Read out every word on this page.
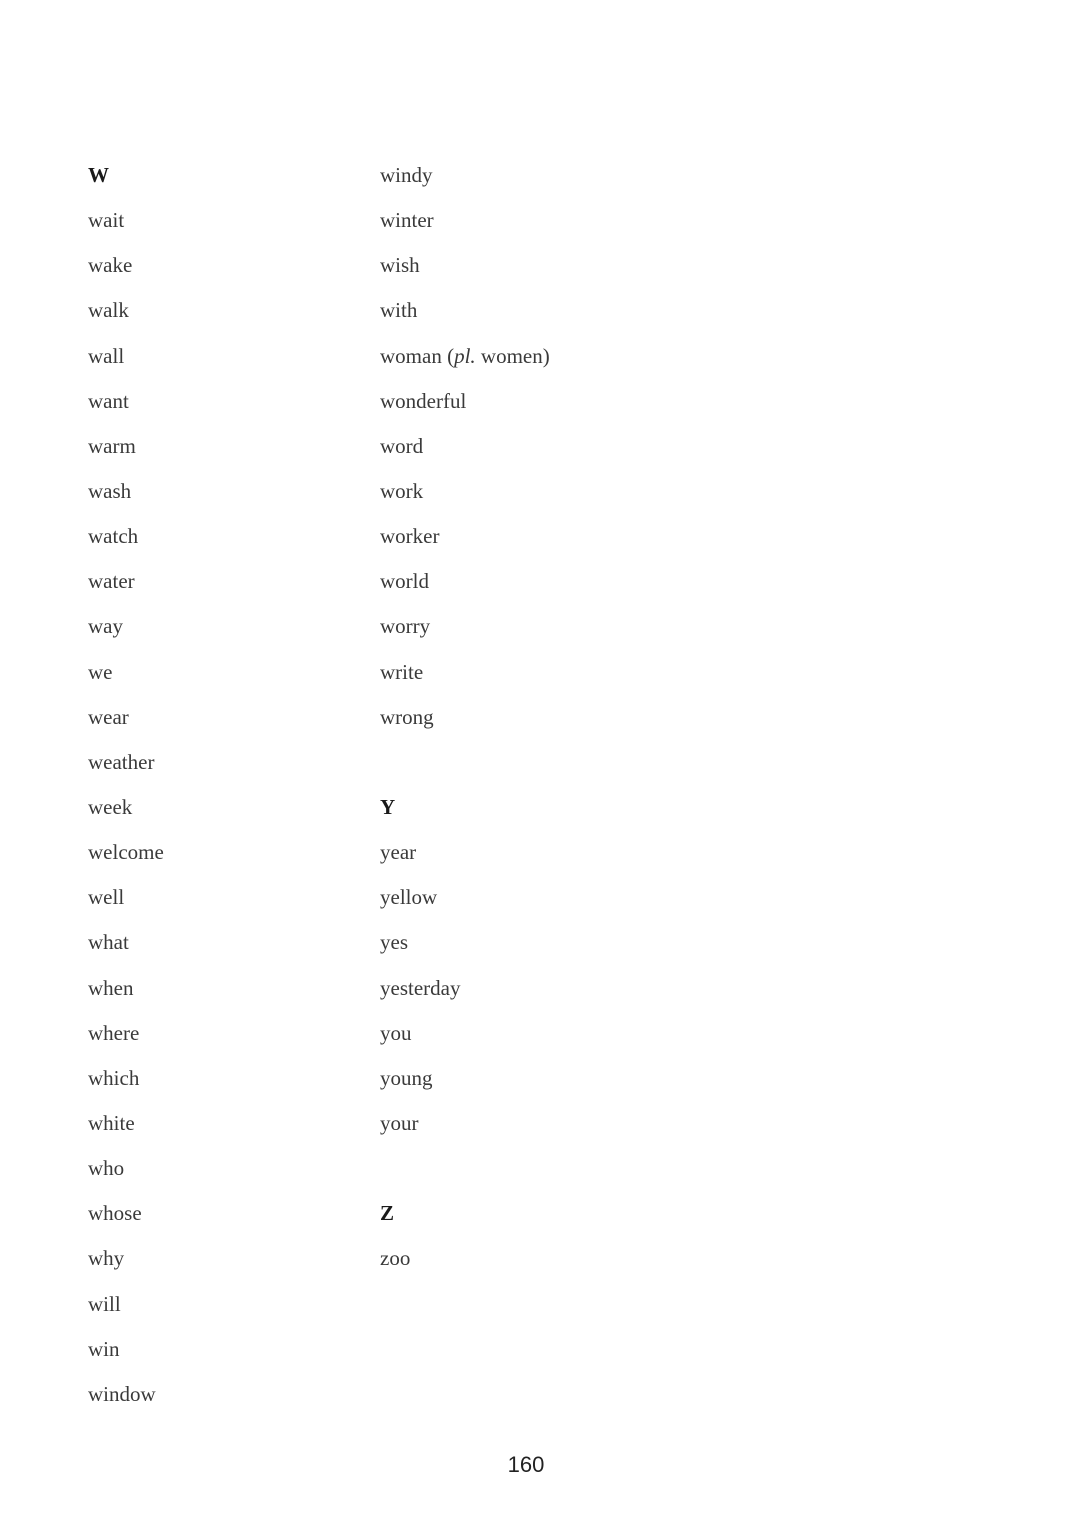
W
wait
wake
walk
wall
want
warm
wash
watch
water
way
we
wear
weather
week
welcome
well
what
when
where
which
white
who
whose
why
will
win
window
windy
winter
wish
with
woman (pl. women)
wonderful
word
work
worker
world
worry
write
wrong
Y
year
yellow
yes
yesterday
you
young
your
Z
zoo
160
